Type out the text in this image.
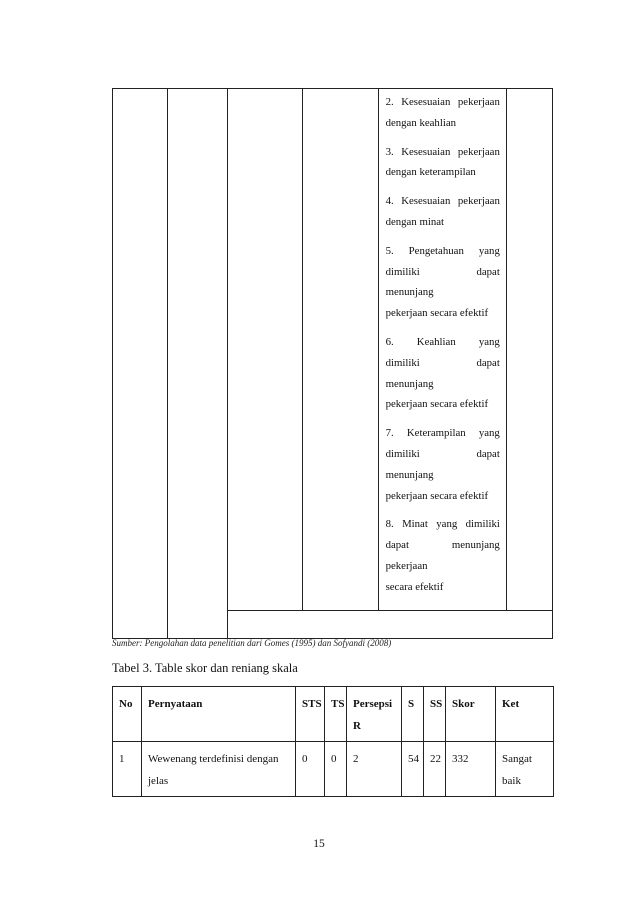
2. Kesesuaian pekerjaan
dengan keahlian
3. Kesesuaian pekerjaan
dengan keterampilan
4. Kesesuaian pekerjaan
dengan minat
5. Pengetahuan yang
dimiliki dapat
menunjang
pekerjaan secara efektif
6. Keahlian yang
dimiliki dapat
menunjang
pekerjaan secara efektif
7. Keterampilan yang
dimiliki dapat
menunjang
pekerjaan secara efektif
8. Minat yang dimiliki
dapat menunjang
pekerjaan
secara efektif

Sumber: Pengolahan data penelitian dari Gomes (1995) dan Sofyandi (2008)
Tabel 3. Table skor dan reniang skala
No	Pernyataan	STS	TS	Persepsi R	S	SS	Skor	Ket
1	Wewenang terdefinisi dengan jelas	0	0	2	54	22	332	Sangat baik
15
